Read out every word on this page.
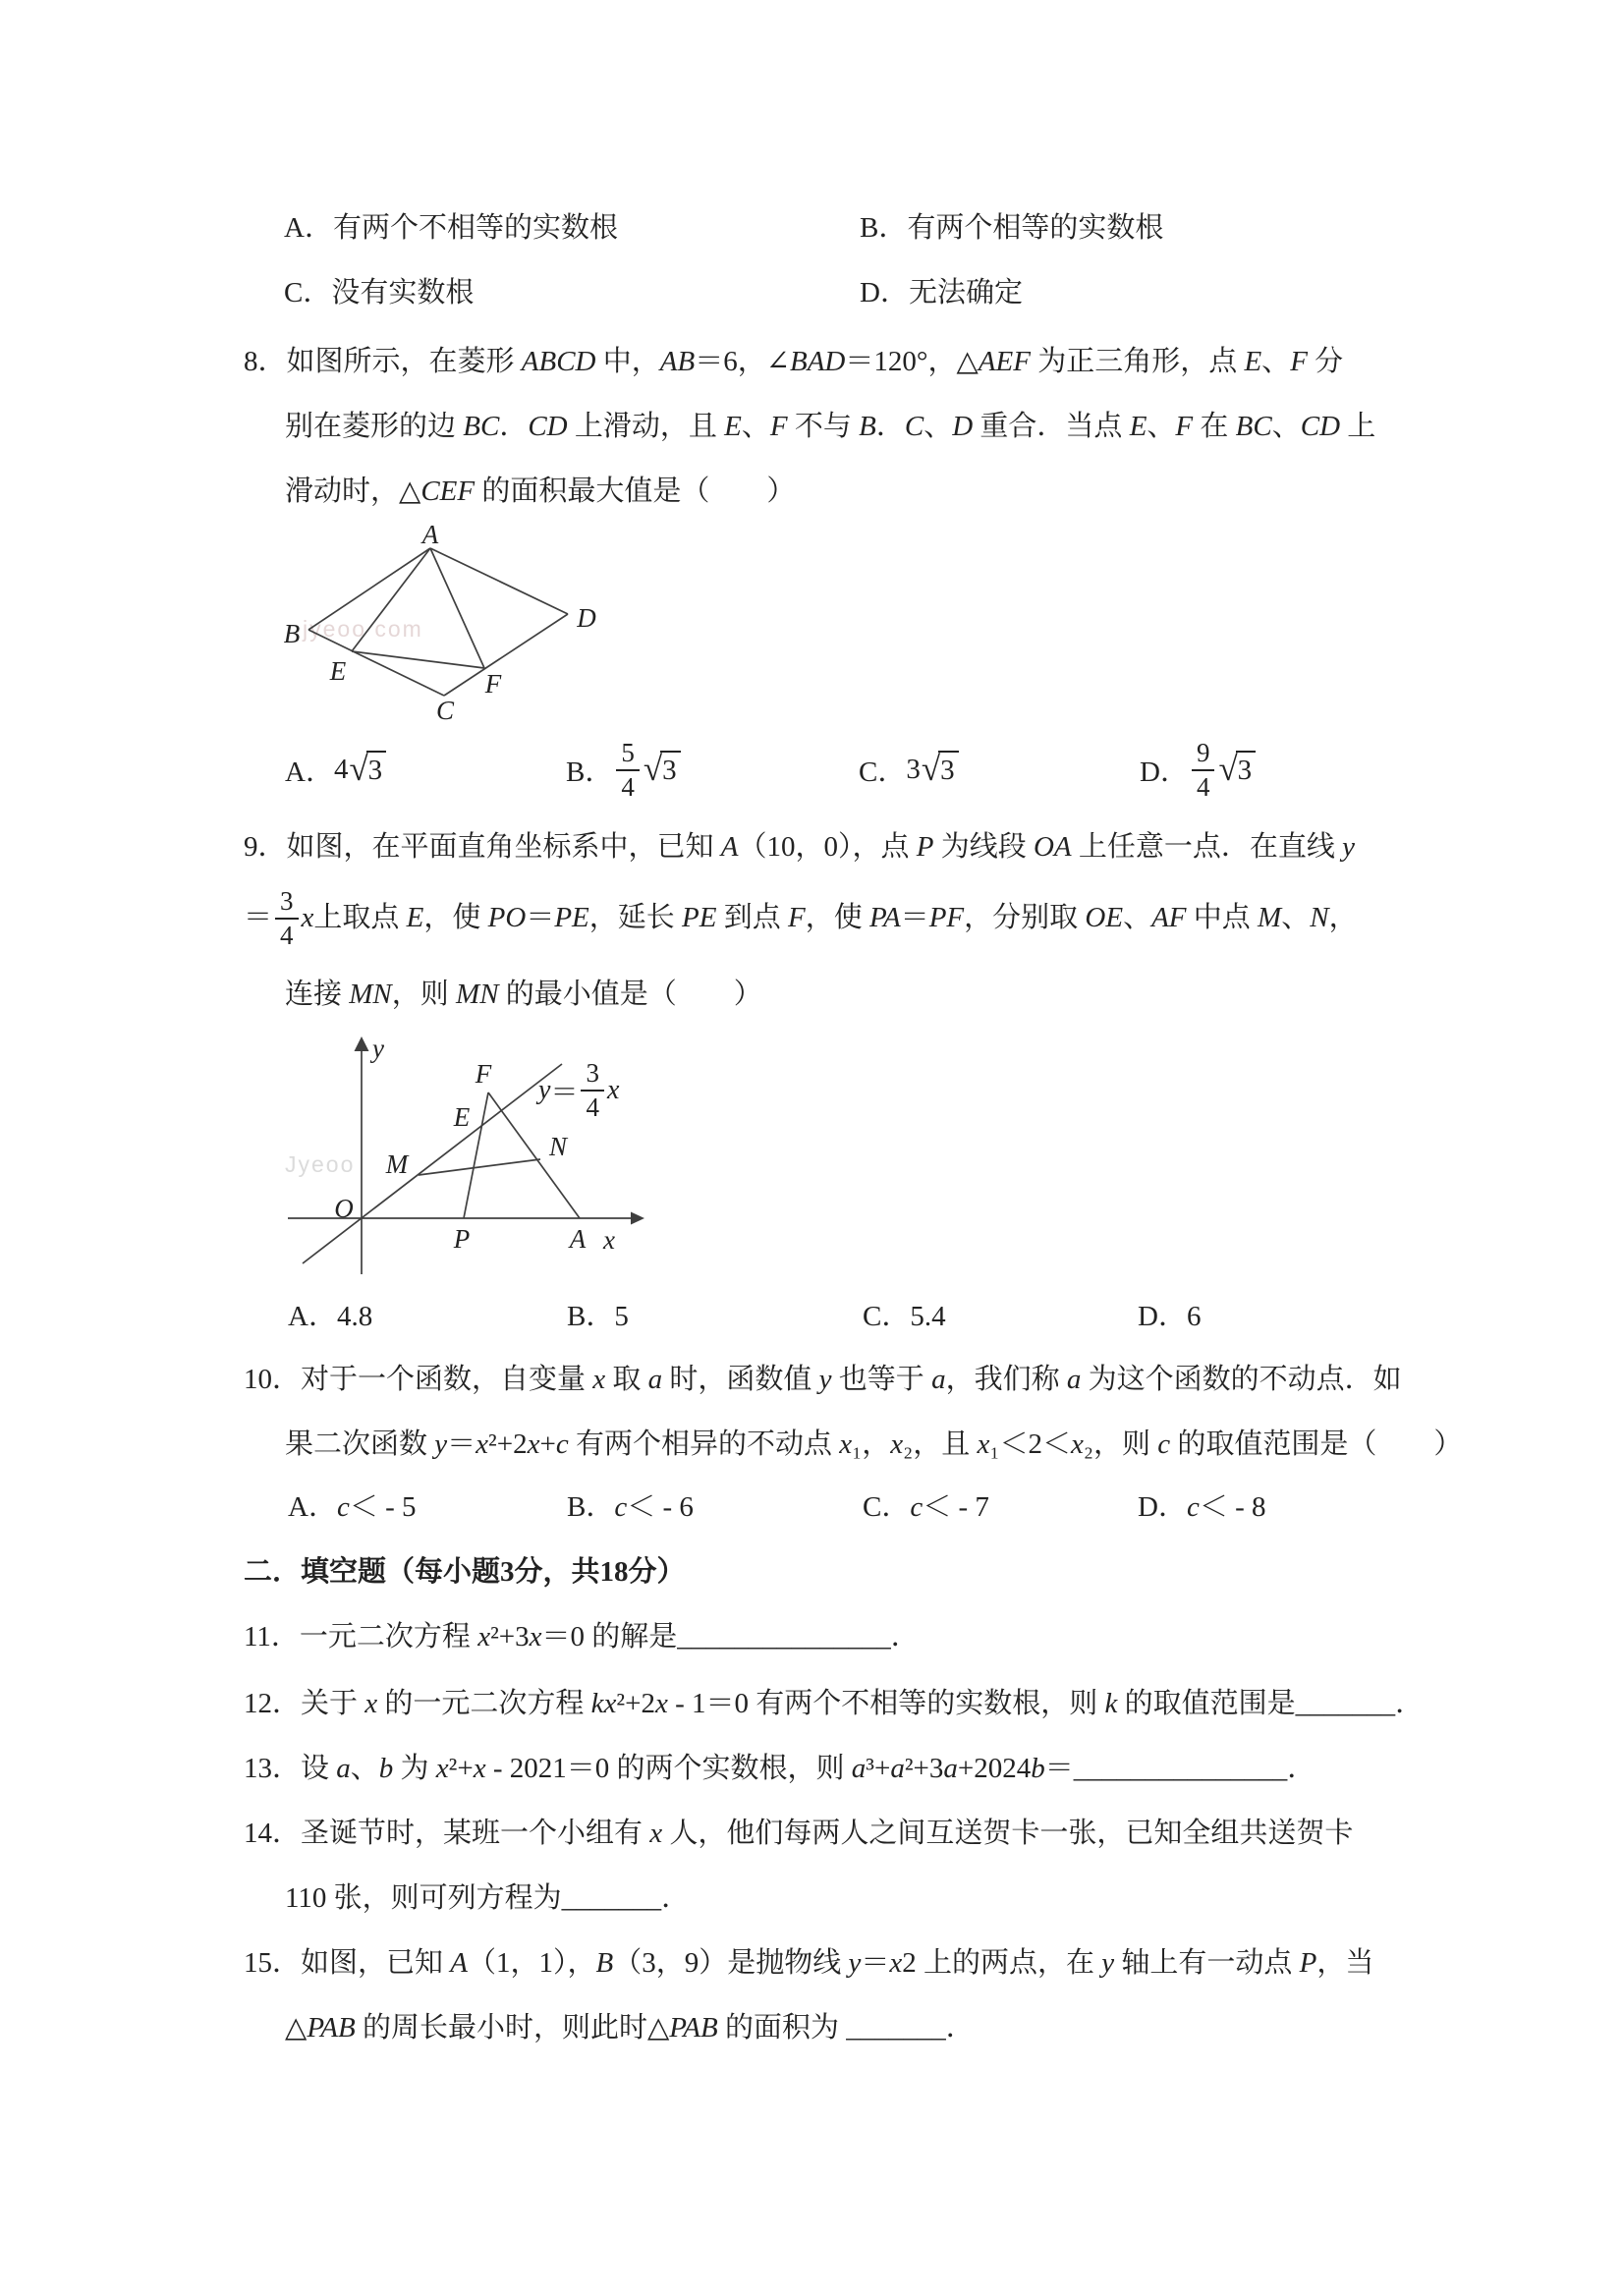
A．有两个不相等的实数根	B．有两个相等的实数根
C．没有实数根	D．无法确定
8．如图所示，在菱形 ABCD 中，AB＝6，∠BAD＝120°，△AEF 为正三角形，点 E、F 分
别在菱形的边 BC．CD 上滑动，且 E、F 不与 B．C、D 重合．当点 E、F 在 BC、CD 上
滑动时，△CEF 的面积最大值是（　　）
jyeoo com
A
B
D
E	F
C
A． 4 √ 3	B． $\frac{5}{4}$ √ 3	C． 3 √ 3	D． $\frac{9}{4}$ √ 3
9．如图，在平面直角坐标系中，已知 A（10，0），点 P 为线段 OA 上任意一点．在直线 y
＝ $\frac{3}{4}$ x 上取点 E，使 PO＝PE，延长 PE 到点 F，使 PA＝PF，分别取 OE、AF 中点 M、N，
连接 MN，则 MN 的最小值是（　　）
Jyeoo
O
y
x
P	A
F
E
M
N
$y = \frac{3}{4}$ x
A．4.8	B．5	C．5.4	D．6
10．对于一个函数，自变量 x 取 a 时，函数值 y 也等于 a，我们称 a 为这个函数的不动点．如
果二次函数 y＝x²+2x+c 有两个相异的不动点 x₁，x₂，且 x₁＜2＜x₂，则 c 的取值范围是（　　）
A．c＜ - 5	B．c＜ - 6	C．c＜ - 7	D．c＜ - 8
二．填空题（每小题3分，共18分）
11．一元二次方程 x²+3x＝0 的解是_______________．
12．关于 x 的一元二次方程 kx²+2x - 1＝0 有两个不相等的实数根，则 k 的取值范围是_______．
13．设 a、b 为 x²+x - 2021＝0 的两个实数根，则 a³+a²+3a+2024b＝_______________．
14．圣诞节时，某班一个小组有 x 人，他们每两人之间互送贺卡一张，已知全组共送贺卡
110 张，则可列方程为_______．
15．如图，已知 A（1，1），B（3，9）是抛物线 y＝x2 上的两点，在 y 轴上有一动点 P，当
△PAB 的周长最小时，则此时△PAB 的面积为 _______．
